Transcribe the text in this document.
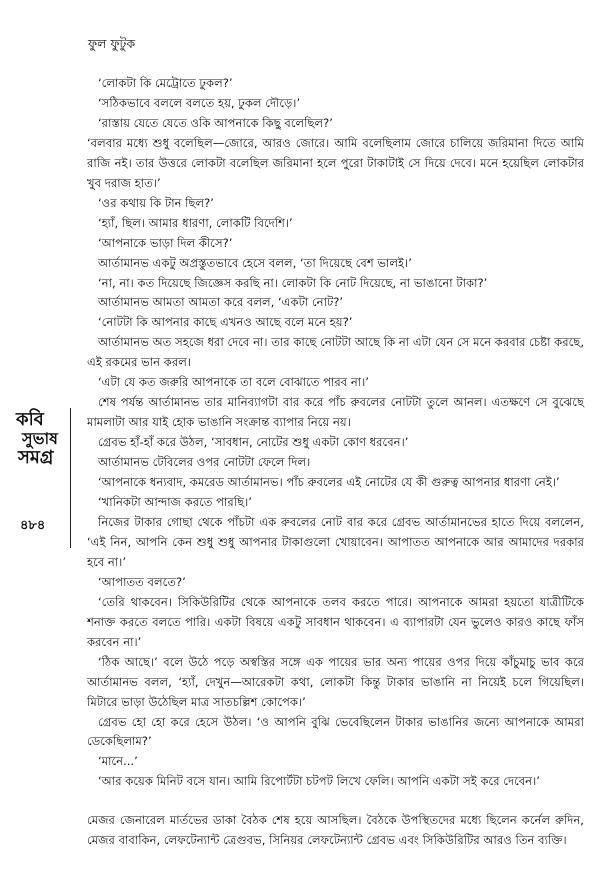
ফুল ফুটুক
কবি
সুভাষ
সমগ্র
৪৮৪

‘লোকটা কি মেট্রোতে ঢুকল?’

‘সঠিকভাবে বললে বলতে হয়, ঢুকল দৌড়ে।’

‘রাস্তায় যেতে যেতে ওকি আপনাকে কিছু বলেছিল?’

‘বলবার মধ্যে শুধু বলেছিল—জোরে, আরও জোরে। আমি বলেছিলাম জোরে চালিয়ে জরিমানা দিতে আমি রাজি নই। তার উত্তরে লোকটা বলেছিল জরিমানা হলে পুরো টাকাটাই সে দিয়ে দেবে। মনে হয়েছিল লোকটার খুব দরাজ হাত।’

‘ওর কথায় কি টান ছিল?’

‘হ্যাঁ, ছিল। আমার ধারণা, লোকটি বিদেশি।’

‘আপনাকে ভাড়া দিল কীসে?’

আর্তামানভ একটু অপ্রস্তুতভাবে হেসে বলল, ‘তা দিয়েছে বেশ ভালই।’

‘না, না। কত দিয়েছে জিজ্ঞেস করছি না। লোকটা কি নোট দিয়েছে, না ভাঙানো টাকা?’

আর্তামানভ আমতা আমতা করে বলল, ‘একটা নোট?’

‘নোটটা কি আপনার কাছে এখনও আছে বলে মনে হয়?’

আর্তামানভ অত সহজে ধরা দেবে না। তার কাছে নোটটা আছে কি না এটা যেন সে মনে করবার চেষ্টা করছে, এই রকমের ভান করল।

‘এটা যে কত জরুরি আপনাকে তা বলে বোঝাতে পারব না।’

শেষ পর্যন্ত আর্তামানভ তার মানিব্যাগটা বার করে পাঁচ রুবলের নোটটা তুলে আনল। এতক্ষণে সে বুঝেছে মামলাটা আর যাই হোক ভাঙানি সংক্রান্ত ব্যাপার নিয়ে নয়।

গ্রেবভ হাঁ-হাঁ করে উঠল, ‘সাবধান, নোটের শুধু একটা কোণ ধরবেন।’

আর্তামানভ টেবিলের ওপর নোটটা ফেলে দিল।

‘আপনাকে ধন্যবাদ, কমরেড আর্তামানভ। পাঁচ রুবলের এই নোটের যে কী গুরুত্ব আপনার ধারণা নেই।’

‘খানিকটা আন্দাজ করতে পারছি।’

নিজের টাকার গোছা থেকে পাঁচটা এক রুবলের নোট বার করে গ্রেবভ আর্তামানভের হাতে দিয়ে বললেন, ‘এই নিন, আপনি কেন শুধু শুধু আপনার টাকাগুলো খোয়াবেন। আপাতত আপনাকে আর আমাদের দরকার হবে না।’

‘আপাতত বলতে?’

‘তেরি থাকবেন। সিকিউরিটির থেকে আপনাকে তলব করতে পারে। আপনাকে আমরা হয়তো যাত্রীটিকে শনাক্ত করতে বলতে পারি। একটা বিষয়ে একটু সাবধান থাকবেন। এ ব্যাপারটা যেন ভুলেও কারও কাছে ফাঁস করবেন না।’

‘ঠিক আছে।’ বলে উঠে পড়ে অস্বস্তির সঙ্গে এক পায়ের ভার অন্য পায়ের ওপর দিয়ে কাঁচুমাচু ভাব করে আর্তামানভ বলল, ‘হ্যাঁ, দেখুন—আরেকটা কথা, লোকটা কিন্তু টাকার ভাঙানি না নিয়েই চলে গিয়েছিল। মিটারে ভাড়া উঠেছিল মাত্র সাতচল্লিশ কোপেক।’

গ্রেবভ হো হো করে হেসে উঠল। ‘ও আপনি বুঝি ভেবেছিলেন টাকার ভাঙানির জন্যে আপনাকে আমরা ডেকেছিলাম?’

‘মানে...’

‘আর কয়েক মিনিট বসে যান। আমি রিপোর্টটা চটপট লিখে ফেলি। আপনি একটা সই করে দেবেন।’

মেজর জেনারেল মার্তভের ডাকা বৈঠক শেষ হয়ে আসছিল। বৈঠকে উপস্থিতদের মধ্যে ছিলেন কর্নেল রুদিন, মেজর বাবাকিন, লেফটেন্যান্ট ত্রেগুবভ, সিনিয়র লেফটেন্যান্ট গ্রেবভ এবং সিকিউরিটির আরও তিন ব্যক্তি।
